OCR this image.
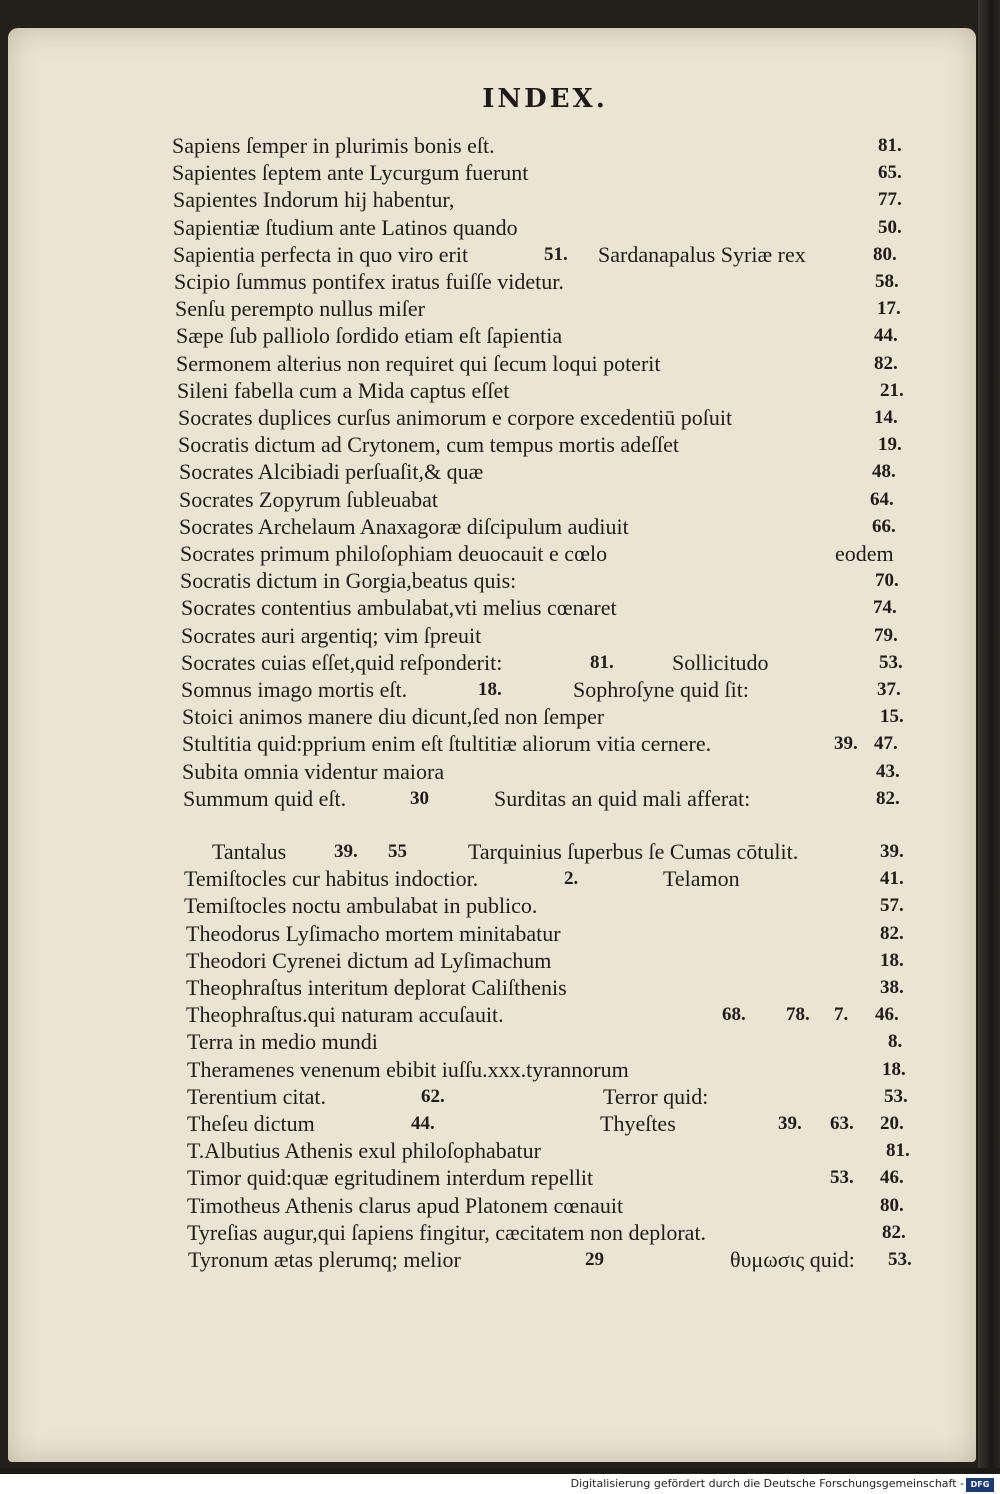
INDEX.
Sapiens ſemper in plurimis bonis eſt.	81.
Sapientes ſeptem ante Lycurgum fuerunt	65.
Sapientes Indorum hĳ habentur,	77.
Sapientiæ ſtudium ante Latinos quando	50.
Sapientia perfecta in quo viro erit	51. Sardanapalus Syriæ rex	80.
Scipio ſummus pontifex iratus fuiſſe videtur.	58.
Senſu perempto nullus miſer	17.
Sæpe ſub palliolo ſordido etiam eſt ſapientia	44.
Sermonem alterius non requiret qui ſecum loqui poterit	82.
Sileni fabella cum a Mida captus eſſet	21.
Socrates duplices curſus animorum e corpore excedentiū poſuit	14.
Socratis dictum ad Crytonem, cum tempus mortis adeſſet	19.
Socrates Alcibiadi perſuaſit,& quæ	48.
Socrates Zopyrum ſubleuabat	64.
Socrates Archelaum Anaxagoræ diſcipulum audiuit	66.
Socrates primum philoſophiam deuocauit e cœlo	eodem
Socratis dictum in Gorgia,beatus quis:	70.
Socrates contentius ambulabat,vti melius cœnaret	74.
Socrates auri argentiq; vim ſpreuit	79.
Socrates cuias eſſet,quid reſponderit:	81.	Sollicitudo	53.
Somnus imago mortis eſt.	18.	Sophroſyne quid ſit:	37.
Stoici animos manere diu dicunt,ſed non ſemper	15.
Stultitia quid:pprium enim eſt ſtultitiæ aliorum vitia cernere.	39. 47.
Subita omnia videntur maiora	43.
Summum quid eſt.	30	Surditas an quid mali afferat:	82.
Tantalus	39. 55	Tarquinius ſuperbus ſe Cumas cōtulit.	39.
Temiſtocles cur habitus indoctior.	2.	Telamon	41.
Temiſtocles noctu ambulabat in publico.	57.
Theodorus Lyſimacho mortem minitabatur	82.
Theodori Cyrenei dictum ad Lyſimachum	18.
Theophraſtus interitum deplorat Caliſthenis	38.
Theophraſtus.qui naturam accuſauit.	68. 78. 7. 46.
Terra in medio mundi	8.
Theramenes venenum ebibit iuſſu.xxx.tyrannorum	18.
Terentium citat.	62.	Terror quid:	53.
Theſeu dictum	44.	Thyeſtes	39. 63. 20.
T.Albutius Athenis exul philoſophabatur	81.
Timor quid:quæ egritudinem interdum repellit	53. 46.
Timotheus Athenis clarus apud Platonem cœnauit	80.
Tyreſias augur,qui ſapiens fingitur, cæcitatem non deplorat.	82.
Tyronum ætas plerumq; melior	29	θυμωσις quid: 53.
Digitalisierung gefördert durch die Deutsche Forschungsgemeinschaft - DFG
